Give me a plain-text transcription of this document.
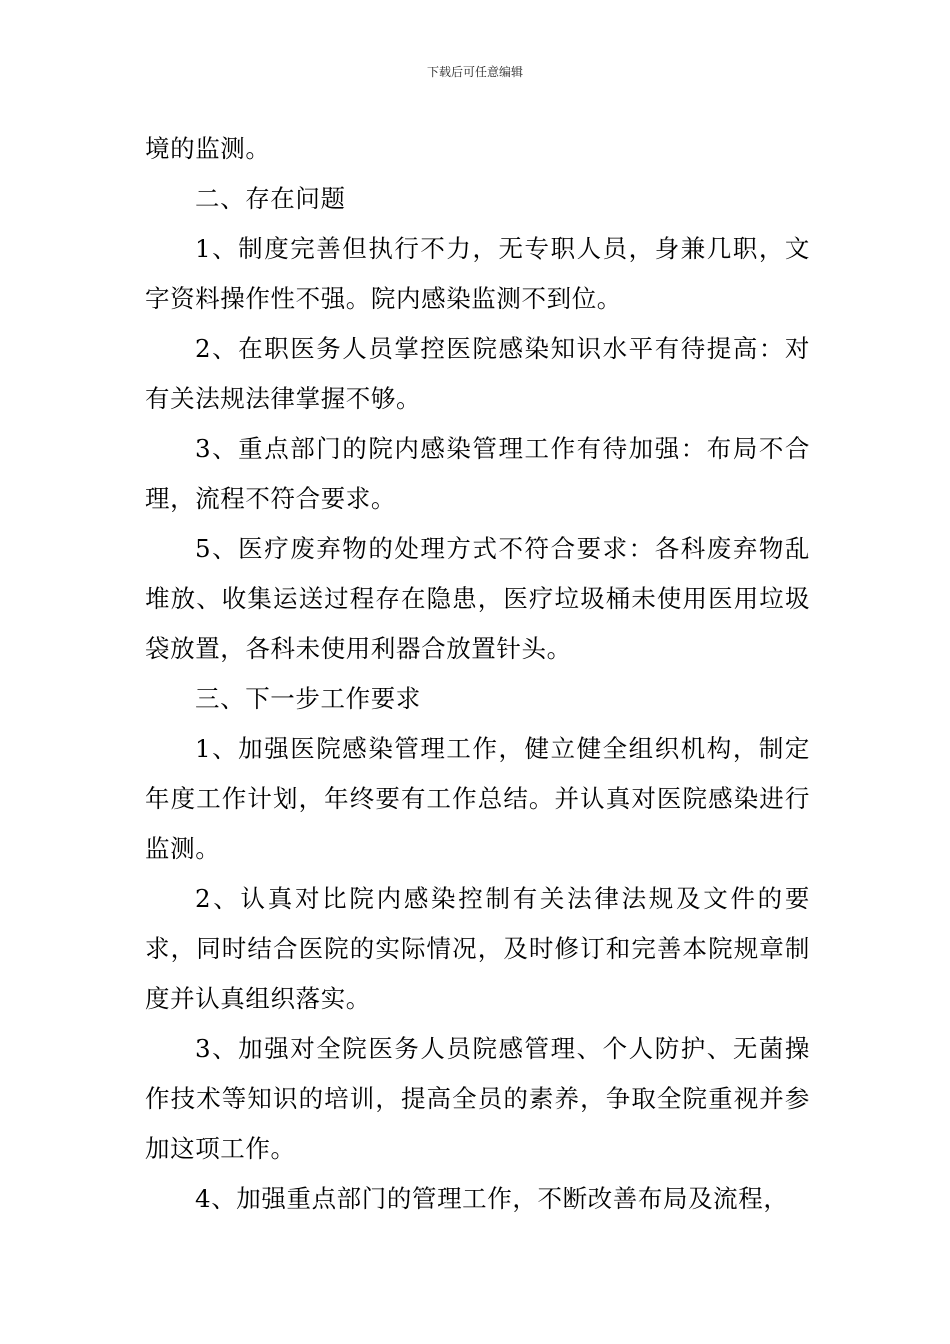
下载后可任意编辑

境的监测。

二、存在问题

1、制度完善但执行不力，无专职人员，身兼几职，文字资料操作性不强。院内感染监测不到位。

2、在职医务人员掌控医院感染知识水平有待提高：对有关法规法律掌握不够。

3、重点部门的院内感染管理工作有待加强：布局不合理，流程不符合要求。

5、医疗废弃物的处理方式不符合要求：各科废弃物乱堆放、收集运送过程存在隐患，医疗垃圾桶未使用医用垃圾袋放置，各科未使用利器合放置针头。

三、下一步工作要求

1、加强医院感染管理工作，健立健全组织机构，制定年度工作计划，年终要有工作总结。并认真对医院感染进行监测。

2、认真对比院内感染控制有关法律法规及文件的要求，同时结合医院的实际情况，及时修订和完善本院规章制度并认真组织落实。

3、加强对全院医务人员院感管理、个人防护、无菌操作技术等知识的培训，提高全员的素养，争取全院重视并参加这项工作。

4、加强重点部门的管理工作，不断改善布局及流程，
